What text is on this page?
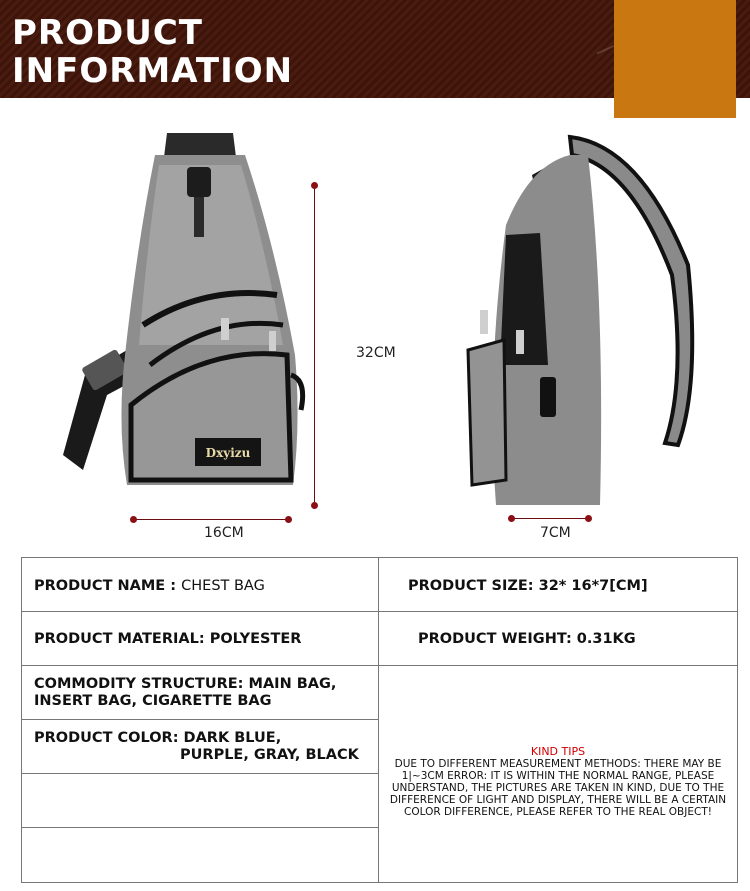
PRODUCT
INFORMATION
Dxyizu
32CM
16CM	7CM
PRODUCT NAME : CHEST BAG	PRODUCT SIZE: 32* 16*7[CM]
PRODUCT MATERIAL: POLYESTER	PRODUCT WEIGHT: 0.31KG
COMMODITY STRUCTURE: MAIN BAG,
INSERT BAG, CIGARETTE BAG
PRODUCT COLOR: DARK BLUE,
PURPLE, GRAY, BLACK	KIND TIPS
DUE TO DIFFERENT MEASUREMENT METHODS: THERE MAY BE 1|~3CM ERROR: IT IS WITHIN THE NORMAL RANGE, PLEASE UNDERSTAND, THE PICTURES ARE TAKEN IN KIND, DUE TO THE DIFFERENCE OF LIGHT AND DISPLAY, THERE WILL BE A CERTAIN COLOR DIFFERENCE, PLEASE REFER TO THE REAL OBJECT!
